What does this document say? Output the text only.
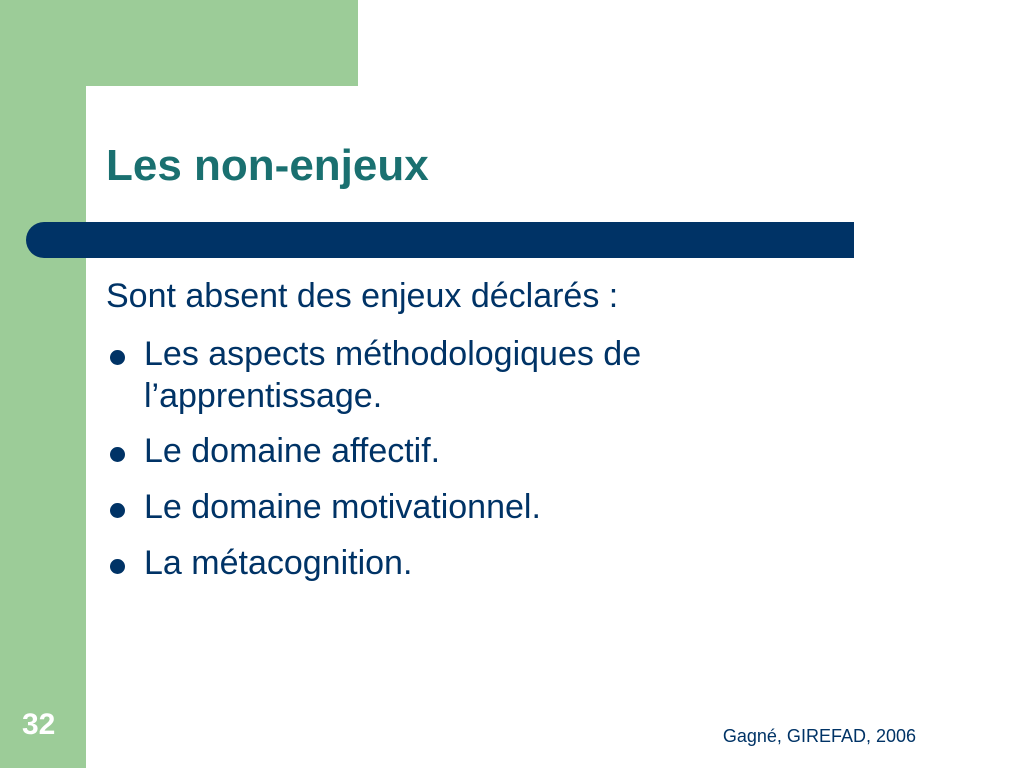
Les non-enjeux

Sont absent des enjeux déclarés :

Les aspects méthodologiques de l’apprentissage.
Le domaine affectif.
Le domaine motivationnel.
La métacognition.
32	Gagné, GIREFAD, 2006
